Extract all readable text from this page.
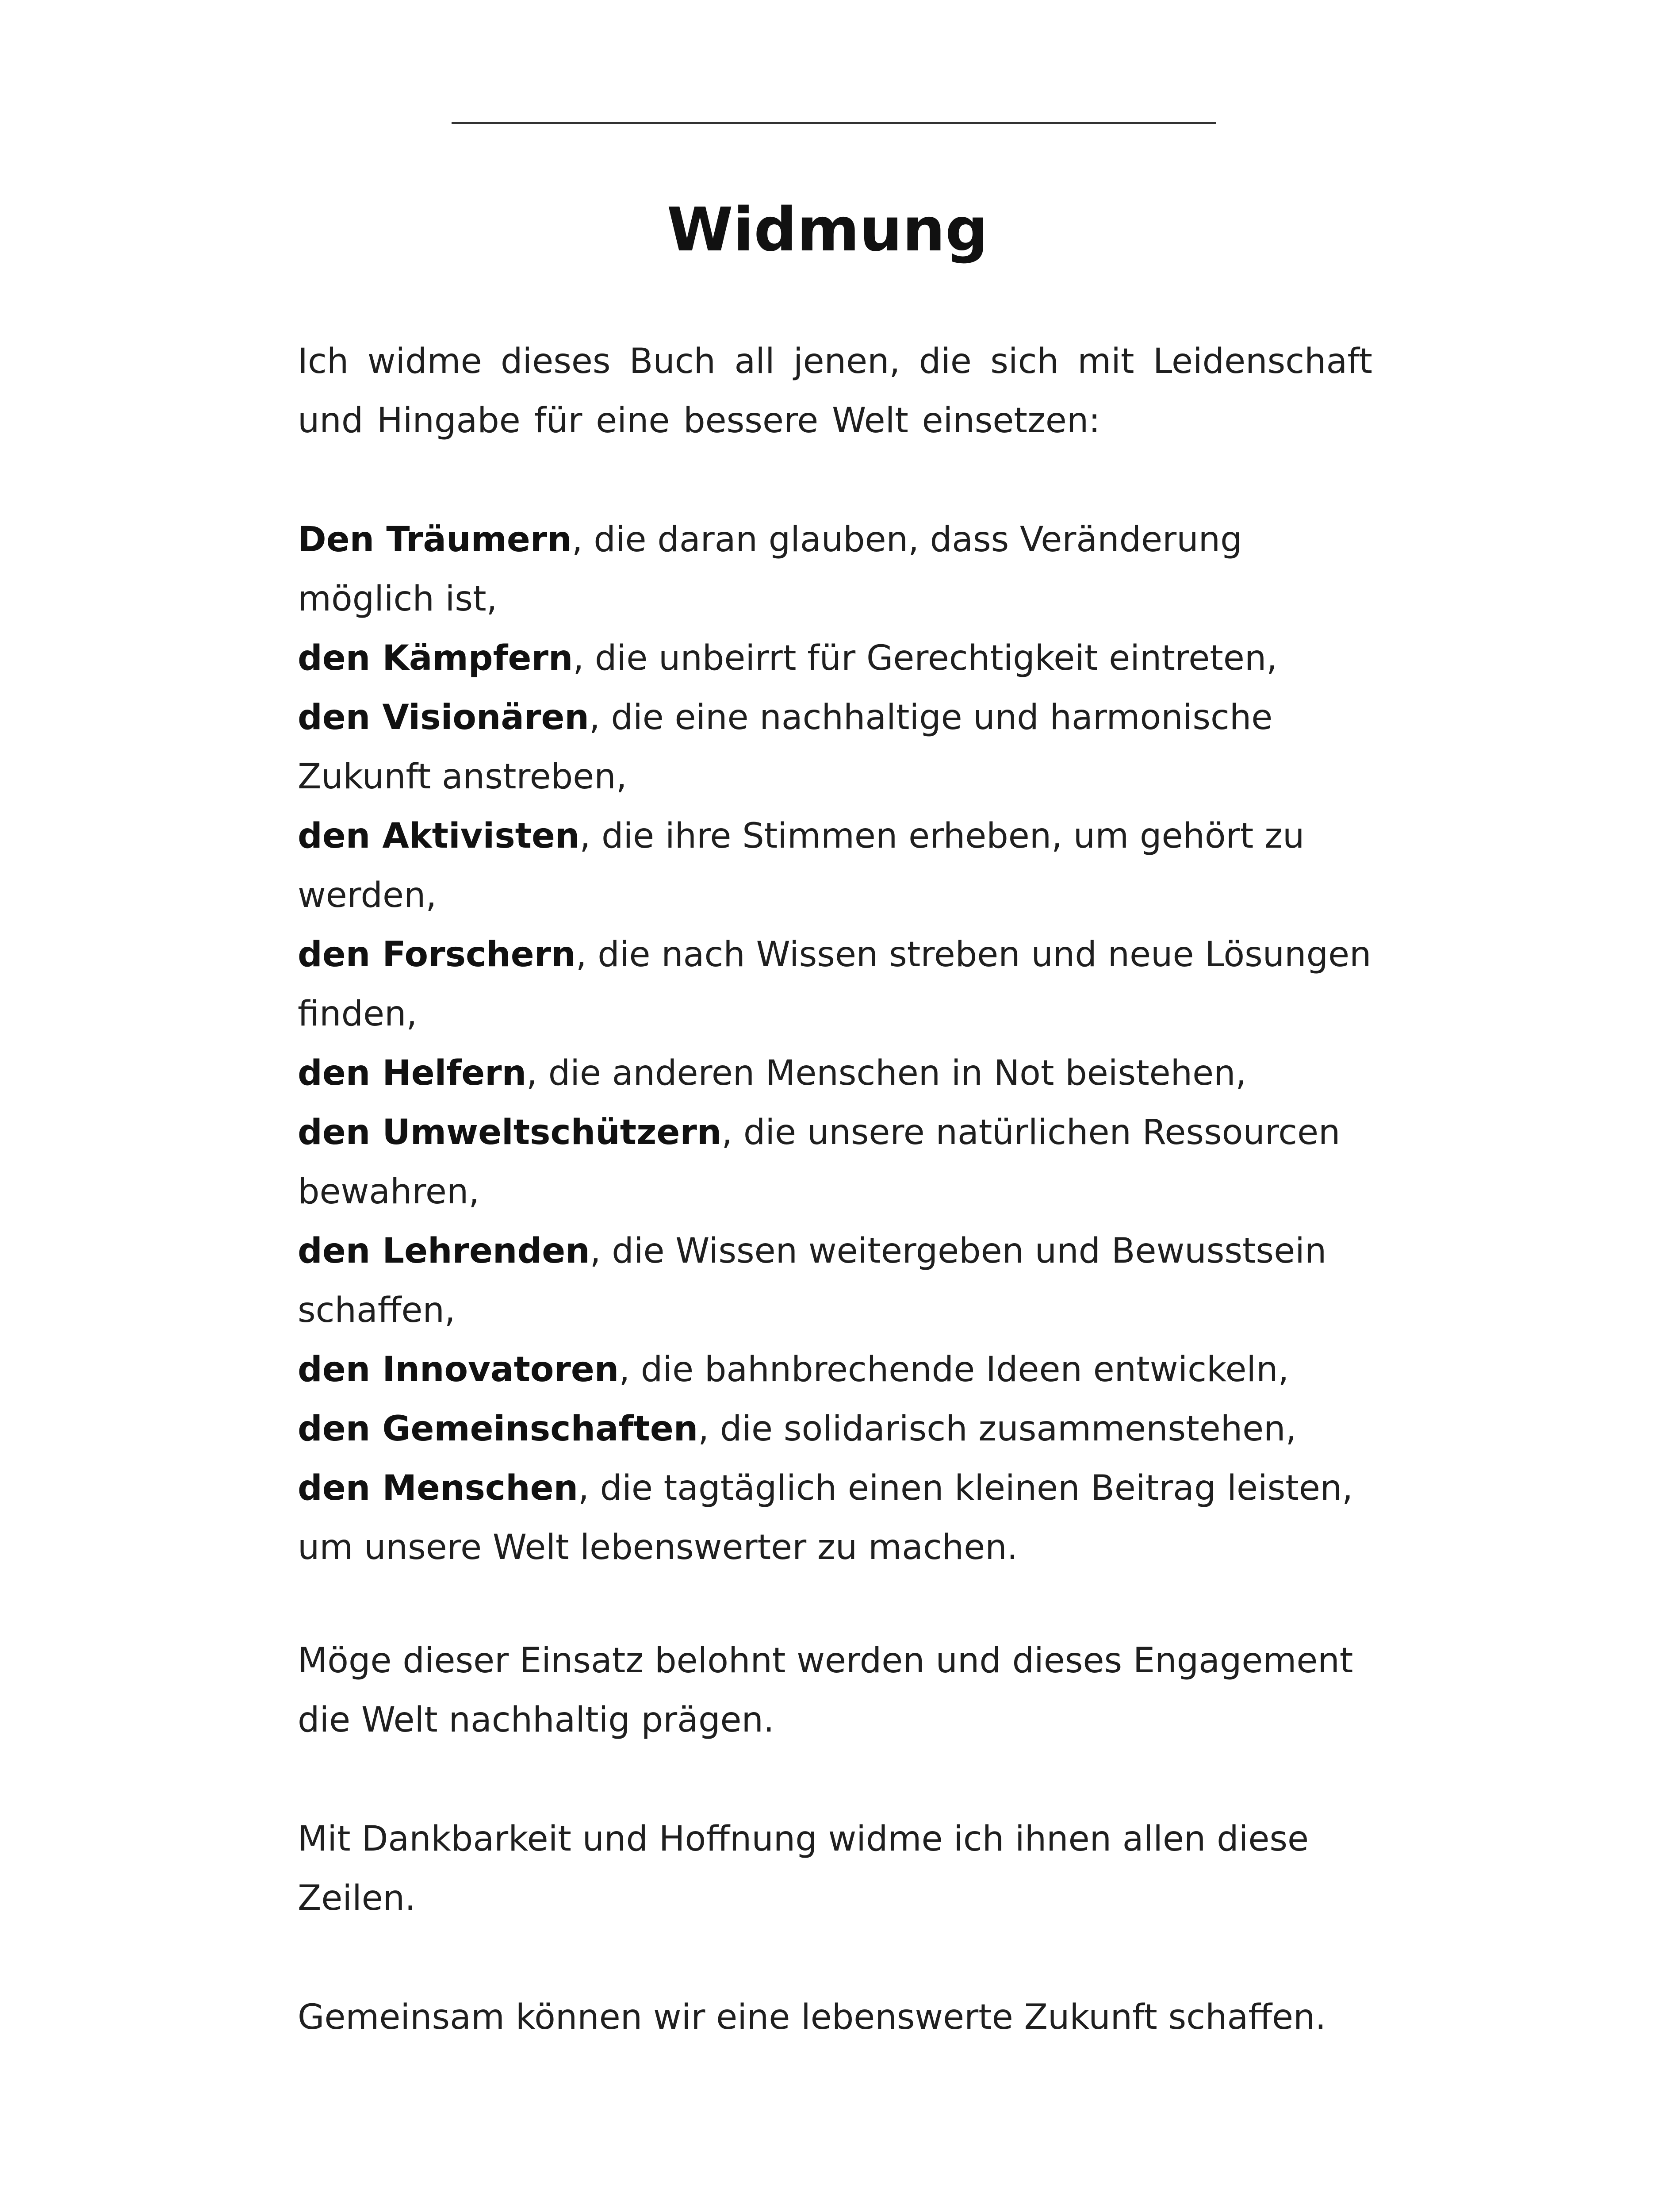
Widmung
Ich widme dieses Buch all jenen, die sich mit Leidenschaft und Hingabe für eine bessere Welt einsetzen:
Den Träumern, die daran glauben, dass Veränderung möglich ist,
den Kämpfern, die unbeirrt für Gerechtigkeit eintreten,
den Visionären, die eine nachhaltige und harmonische Zukunft anstreben,
den Aktivisten, die ihre Stimmen erheben, um gehört zu werden,
den Forschern, die nach Wissen streben und neue Lösungen finden,
den Helfern, die anderen Menschen in Not beistehen,
den Umweltschützern, die unsere natürlichen Ressourcen bewahren,
den Lehrenden, die Wissen weitergeben und Bewusstsein schaffen,
den Innovatoren, die bahnbrechende Ideen entwickeln,
den Gemeinschaften, die solidarisch zusammenstehen,
den Menschen, die tagtäglich einen kleinen Beitrag leisten, um unsere Welt lebenswerter zu machen.
Möge dieser Einsatz belohnt werden und dieses Engagement die Welt nachhaltig prägen.
Mit Dankbarkeit und Hoffnung widme ich ihnen allen diese Zeilen.
Gemeinsam können wir eine lebenswerte Zukunft schaffen.
